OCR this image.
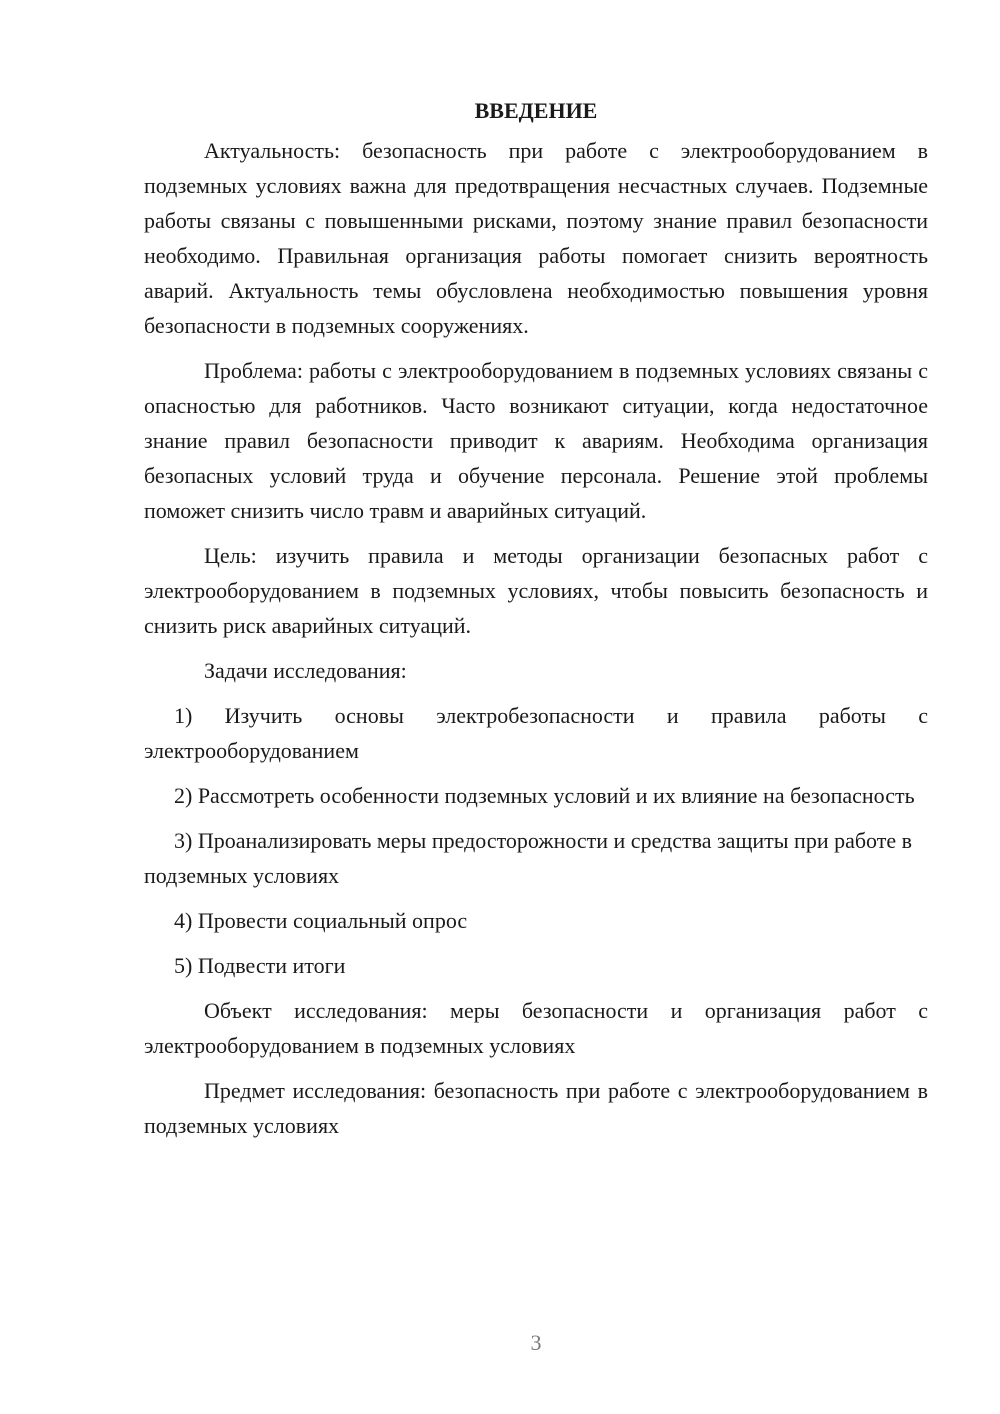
ВВЕДЕНИЕ

Актуальность: безопасность при работе с электрооборудованием в подземных условиях важна для предотвращения несчастных случаев. Подземные работы связаны с повышенными рисками, поэтому знание правил безопасности необходимо. Правильная организация работы помогает снизить вероятность аварий. Актуальность темы обусловлена необходимостью повышения уровня безопасности в подземных сооружениях.

Проблема: работы с электрооборудованием в подземных условиях связаны с опасностью для работников. Часто возникают ситуации, когда недостаточное знание правил безопасности приводит к авариям. Необходима организация безопасных условий труда и обучение персонала. Решение этой проблемы поможет снизить число травм и аварийных ситуаций.

Цель: изучить правила и методы организации безопасных работ с электрооборудованием в подземных условиях, чтобы повысить безопасность и снизить риск аварийных ситуаций.

Задачи исследования:

1) Изучить основы электробезопасности и правила работы с электрооборудованием

2) Рассмотреть особенности подземных условий и их влияние на безопасность

3) Проанализировать меры предосторожности и средства защиты при работе в подземных условиях

4) Провести социальный опрос

5) Подвести итоги

Объект исследования: меры безопасности и организация работ с электрооборудованием в подземных условиях

Предмет исследования: безопасность при работе с электрооборудованием в подземных условиях

3
